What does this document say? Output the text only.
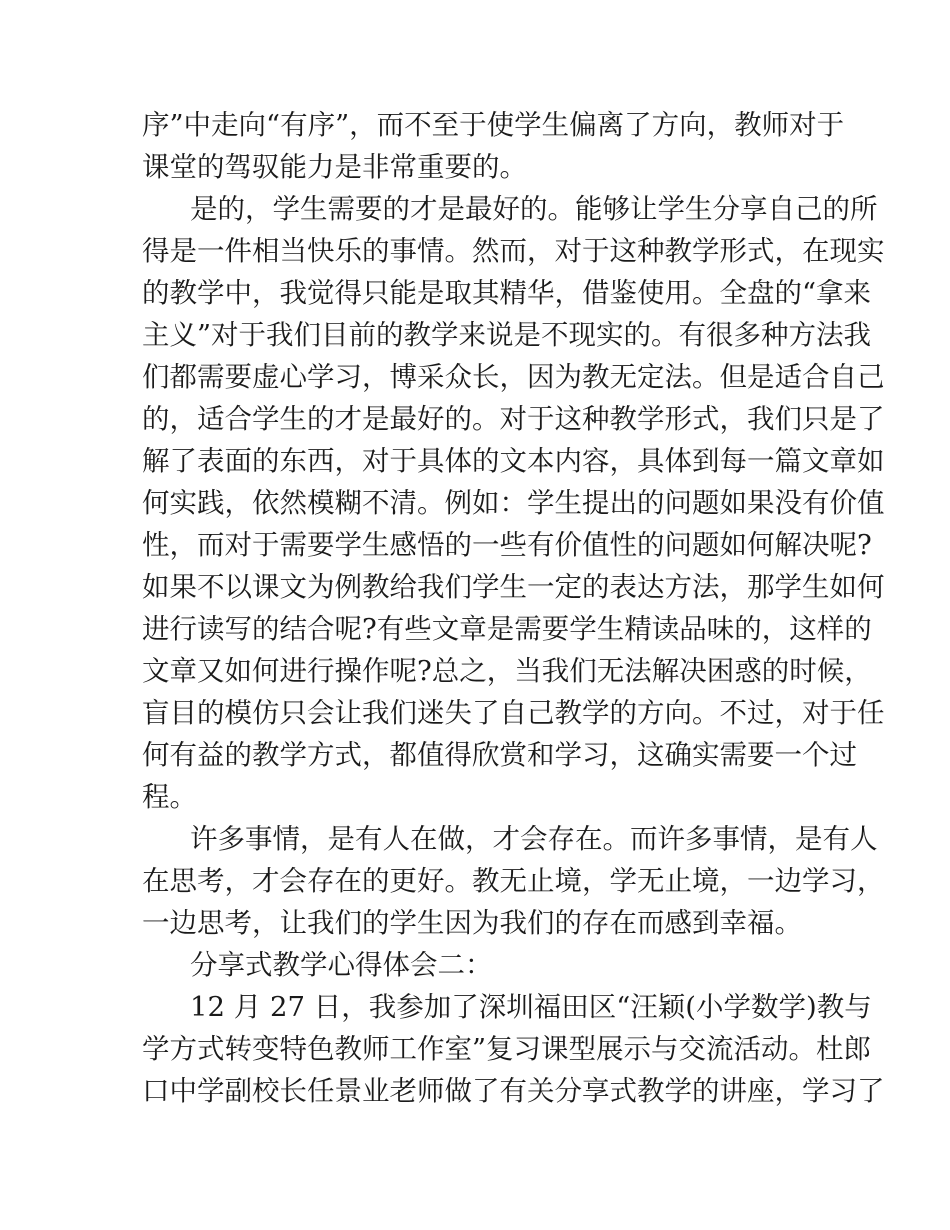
序”中走向“有序”，而不至于使学生偏离了方向，教师对于
课堂的驾驭能力是非常重要的。
是的，学生需要的才是最好的。能够让学生分享自己的所
得是一件相当快乐的事情。然而，对于这种教学形式，在现实
的教学中，我觉得只能是取其精华，借鉴使用。全盘的“拿来
主义”对于我们目前的教学来说是不现实的。有很多种方法我
们都需要虚心学习，博采众长，因为教无定法。但是适合自己
的，适合学生的才是最好的。对于这种教学形式，我们只是了
解了表面的东西，对于具体的文本内容，具体到每一篇文章如
何实践，依然模糊不清。例如：学生提出的问题如果没有价值
性，而对于需要学生感悟的一些有价值性的问题如何解决呢?
如果不以课文为例教给我们学生一定的表达方法，那学生如何
进行读写的结合呢?有些文章是需要学生精读品味的，这样的
文章又如何进行操作呢?总之，当我们无法解决困惑的时候，
盲目的模仿只会让我们迷失了自己教学的方向。不过，对于任
何有益的教学方式，都值得欣赏和学习，这确实需要一个过
程。
许多事情，是有人在做，才会存在。而许多事情，是有人
在思考，才会存在的更好。教无止境，学无止境，一边学习，
一边思考，让我们的学生因为我们的存在而感到幸福。
分享式教学心得体会二：
12 月 27 日，我参加了深圳福田区“汪颖(小学数学)教与
学方式转变特色教师工作室”复习课型展示与交流活动。杜郎
口中学副校长任景业老师做了有关分享式教学的讲座，学习了
